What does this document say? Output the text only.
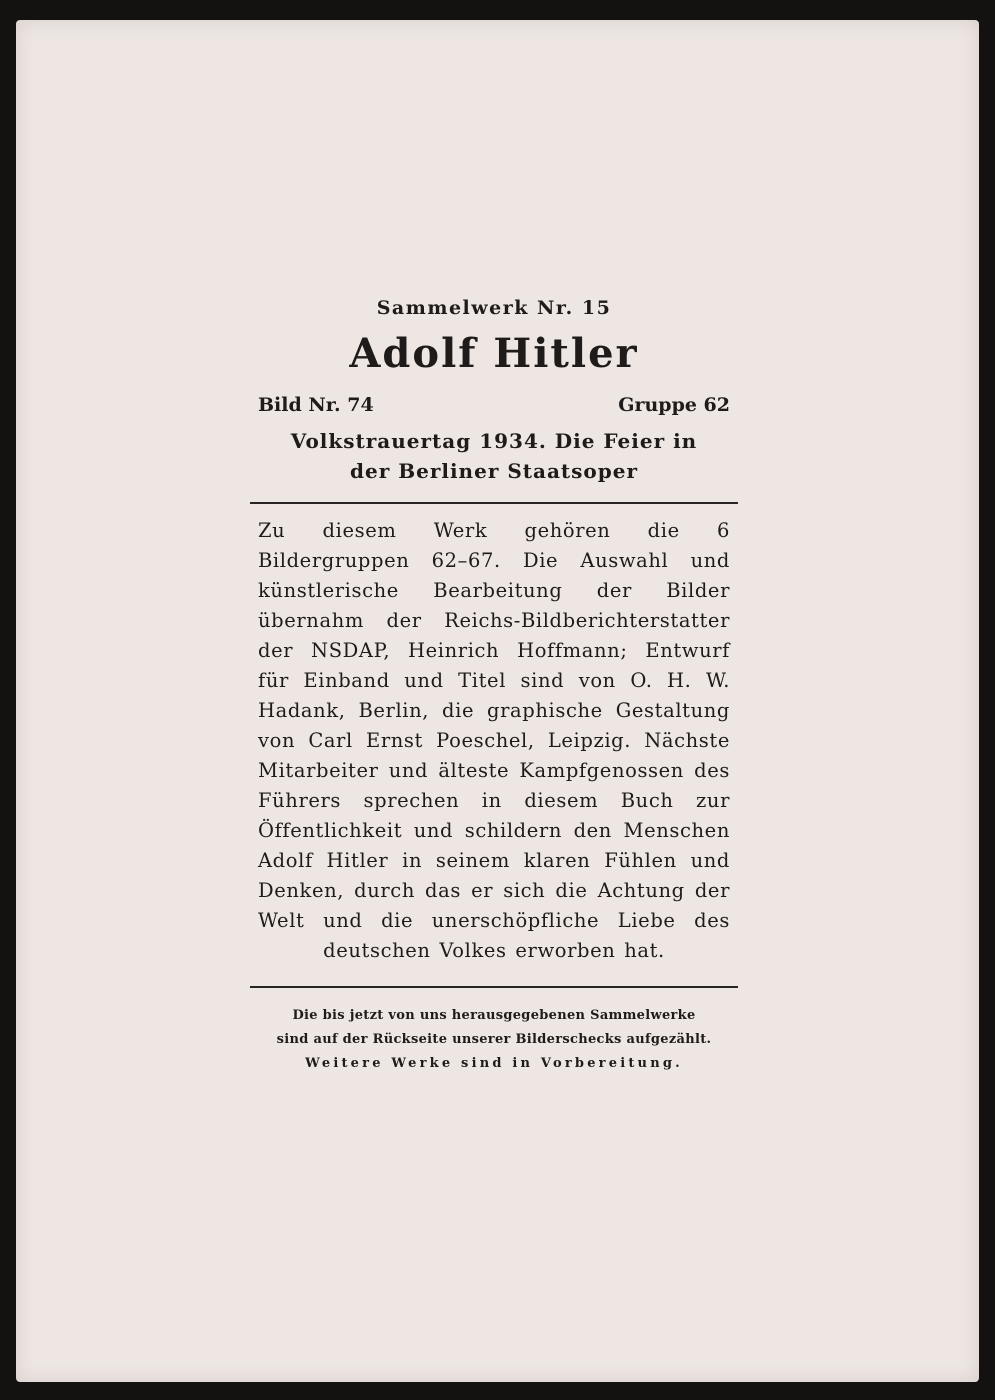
Sammelwerk Nr. 15

Adolf Hitler

Bild Nr. 74	Gruppe 62
Volkstrauertag 1934. Die Feier in
der Berliner Staatsoper
Zu diesem Werk gehören die 6 Bildergruppen 62–67. Die Auswahl und künstlerische Bearbeitung der Bilder übernahm der Reichs-Bildberichterstatter der NSDAP, Heinrich Hoffmann; Entwurf für Einband und Titel sind von O. H. W. Hadank, Berlin, die graphische Gestaltung von Carl Ernst Poeschel, Leipzig. Nächste Mitarbeiter und älteste Kampfgenossen des Führers sprechen in diesem Buch zur Öffentlichkeit und schildern den Menschen Adolf Hitler in seinem klaren Fühlen und Denken, durch das er sich die Achtung der Welt und die unerschöpfliche Liebe des deutschen Volkes erworben hat.
Die bis jetzt von uns herausgegebenen Sammelwerke
sind auf der Rückseite unserer Bilderschecks aufgezählt.
Weitere Werke sind in Vorbereitung.
